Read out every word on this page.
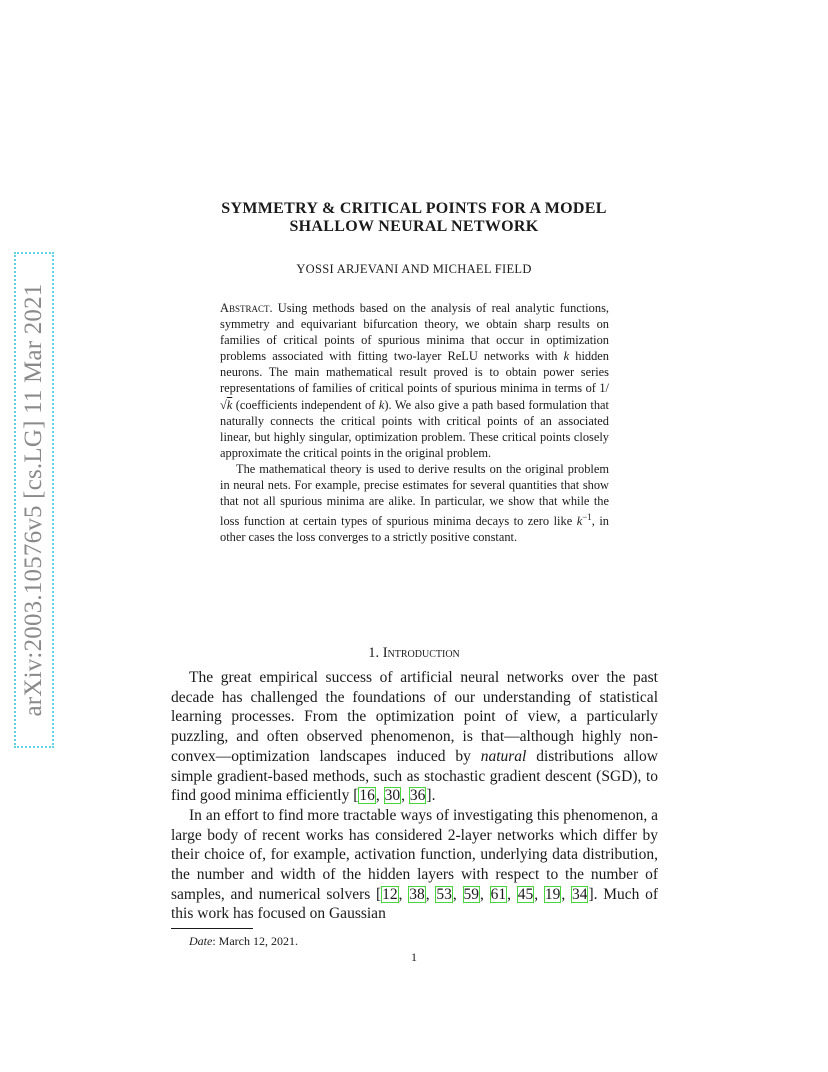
arXiv:2003.10576v5 [cs.LG] 11 Mar 2021
SYMMETRY & CRITICAL POINTS FOR A MODEL
SHALLOW NEURAL NETWORK
YOSSI ARJEVANI AND MICHAEL FIELD

Abstract. Using methods based on the analysis of real analytic functions, symmetry and equivariant bifurcation theory, we obtain sharp results on families of critical points of spurious minima that occur in optimization problems associated with fitting two-layer ReLU networks with k hidden neurons. The main mathematical result proved is to obtain power series representations of families of critical points of spurious minima in terms of 1/√k (coefficients independent of k). We also give a path based formulation that naturally connects the critical points with critical points of an associated linear, but highly singular, optimization problem. These critical points closely approximate the critical points in the original problem.

The mathematical theory is used to derive results on the original problem in neural nets. For example, precise estimates for several quantities that show that not all spurious minima are alike. In particular, we show that while the loss function at certain types of spurious minima decays to zero like $k^{-1}$, in other cases the loss converges to a strictly positive constant.

1. Introduction

The great empirical success of artificial neural networks over the past decade has challenged the foundations of our understanding of statistical learning processes. From the optimization point of view, a particularly puzzling, and often observed phenomenon, is that—although highly non-convex—optimization landscapes induced by natural distributions allow simple gradient-based methods, such as stochastic gradient descent (SGD), to find good minima efficiently [16, 30, 36].

In an effort to find more tractable ways of investigating this phenomenon, a large body of recent works has considered 2-layer networks which differ by their choice of, for example, activation function, underlying data distribution, the number and width of the hidden layers with respect to the number of samples, and numerical solvers [12, 38, 53, 59, 61, 45, 19, 34]. Much of this work has focused on Gaussian

Date: March 12, 2021.
1
